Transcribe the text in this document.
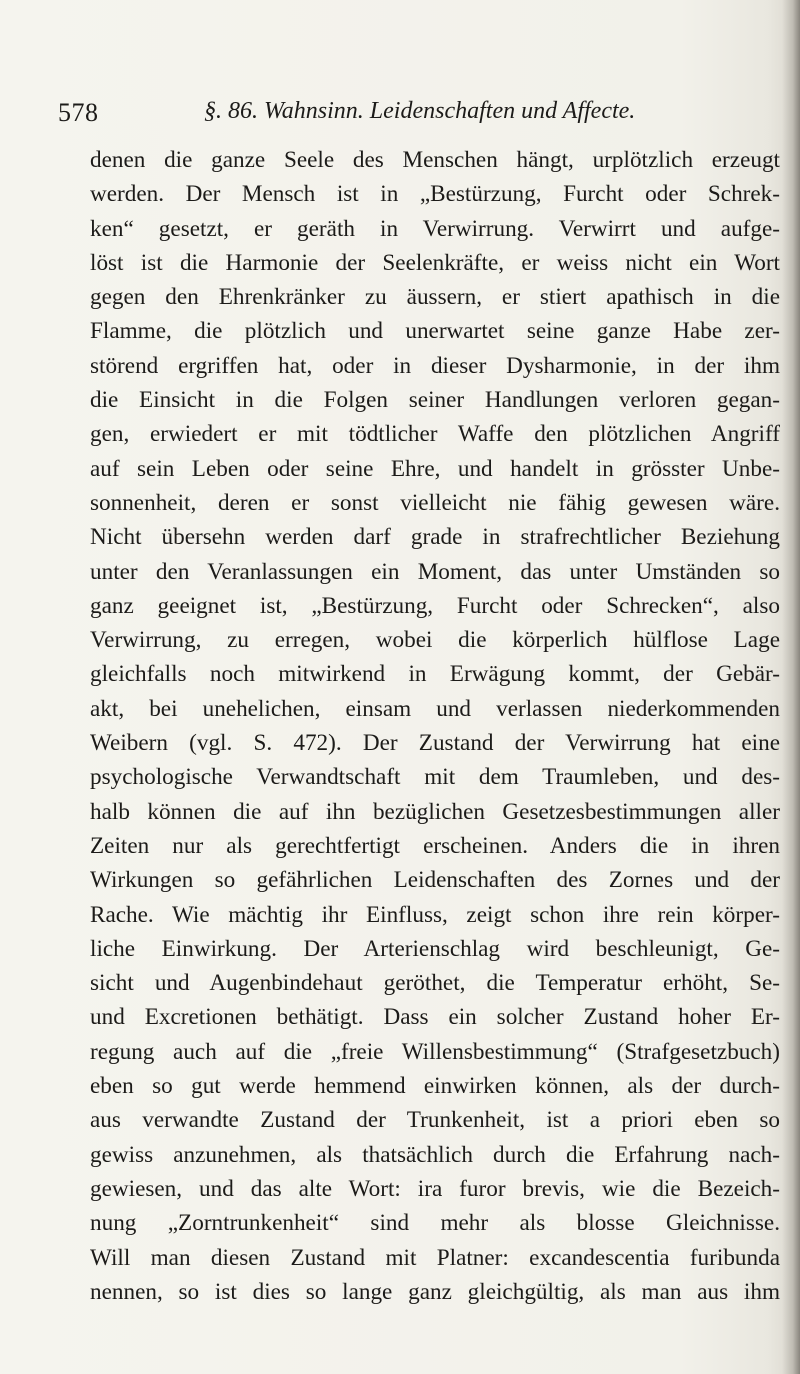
578	§. 86. Wahnsinn. Leidenschaften und Affecte.
denen die ganze Seele des Menschen hängt, urplötzlich erzeugt
werden. Der Mensch ist in „Bestürzung, Furcht oder Schrek-
ken“ gesetzt, er geräth in Verwirrung. Verwirrt und aufge-
löst ist die Harmonie der Seelenkräfte, er weiss nicht ein Wort
gegen den Ehrenkränker zu äussern, er stiert apathisch in die
Flamme, die plötzlich und unerwartet seine ganze Habe zer-
störend ergriffen hat, oder in dieser Dysharmonie, in der ihm
die Einsicht in die Folgen seiner Handlungen verloren gegan-
gen, erwiedert er mit tödtlicher Waffe den plötzlichen Angriff
auf sein Leben oder seine Ehre, und handelt in grösster Unbe-
sonnenheit, deren er sonst vielleicht nie fähig gewesen wäre.
Nicht übersehn werden darf grade in strafrechtlicher Beziehung
unter den Veranlassungen ein Moment, das unter Umständen so
ganz geeignet ist, „Bestürzung, Furcht oder Schrecken“, also
Verwirrung, zu erregen, wobei die körperlich hülflose Lage
gleichfalls noch mitwirkend in Erwägung kommt, der Gebär-
akt, bei unehelichen, einsam und verlassen niederkommenden
Weibern (vgl. S. 472). Der Zustand der Verwirrung hat eine
psychologische Verwandtschaft mit dem Traumleben, und des-
halb können die auf ihn bezüglichen Gesetzesbestimmungen aller
Zeiten nur als gerechtfertigt erscheinen. Anders die in ihren
Wirkungen so gefährlichen Leidenschaften des Zornes und der
Rache. Wie mächtig ihr Einfluss, zeigt schon ihre rein körper-
liche Einwirkung. Der Arterienschlag wird beschleunigt, Ge-
sicht und Augenbindehaut geröthet, die Temperatur erhöht, Se-
und Excretionen bethätigt. Dass ein solcher Zustand hoher Er-
regung auch auf die „freie Willensbestimmung“ (Strafgesetzbuch)
eben so gut werde hemmend einwirken können, als der durch-
aus verwandte Zustand der Trunkenheit, ist a priori eben so
gewiss anzunehmen, als thatsächlich durch die Erfahrung nach-
gewiesen, und das alte Wort: ira furor brevis, wie die Bezeich-
nung „Zorntrunkenheit“ sind mehr als blosse Gleichnisse.
Will man diesen Zustand mit Platner: excandescentia furibunda
nennen, so ist dies so lange ganz gleichgültig, als man aus ihm
